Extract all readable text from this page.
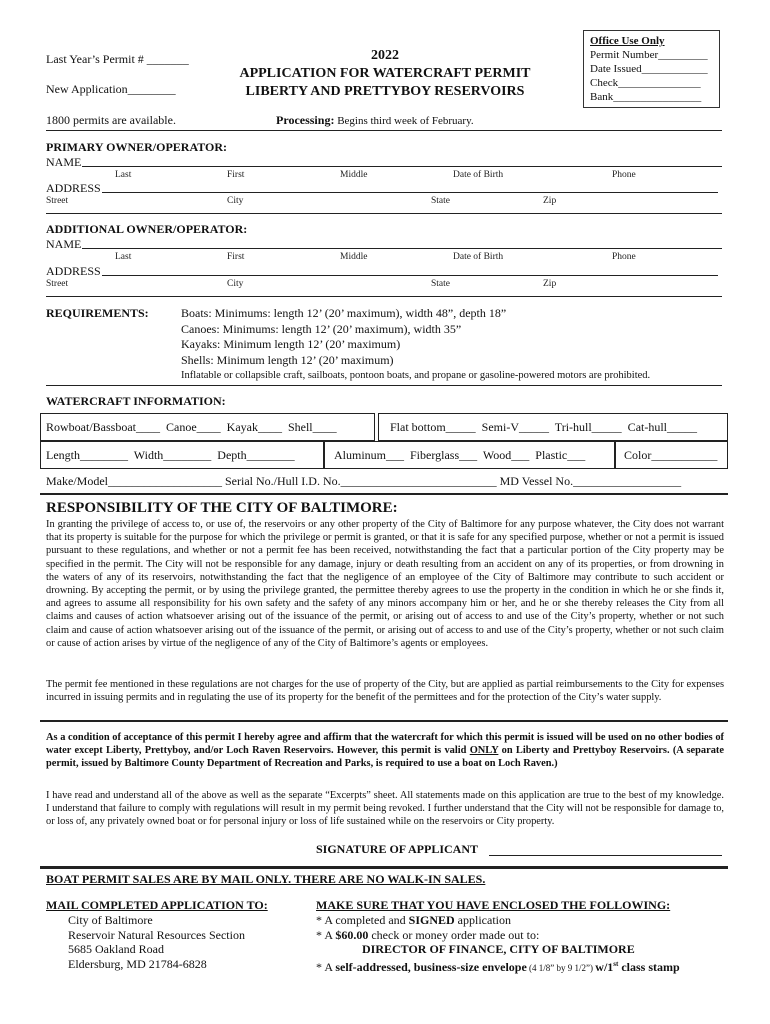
Office Use Only
Permit Number_________
Date Issued____________
Check_______________
Bank________________
Last Year’s Permit # _______
New Application________
1800 permits are available.
2022
APPLICATION FOR WATERCRAFT PERMIT
LIBERTY AND PRETTYBOY RESERVOIRS
Processing: Begins third week of February.
PRIMARY OWNER/OPERATOR:
NAME
Last	First	Middle	Date of Birth	Phone
ADDRESS
Street	City	State	Zip
ADDITIONAL OWNER/OPERATOR:
NAME
Last	First	Middle	Date of Birth	Phone
ADDRESS
Street	City	State	Zip
REQUIREMENTS:	Boats: Minimums: length 12’ (20’ maximum), width 48”, depth 18”
Canoes: Minimums: length 12’ (20’ maximum), width 35”
Kayaks: Minimum length 12’ (20’ maximum)
Shells: Minimum length 12’ (20’ maximum)
Inflatable or collapsible craft, sailboats, pontoon boats, and propane or gasoline-powered motors are prohibited.
WATERCRAFT INFORMATION:
Rowboat/Bassboat____  Canoe____  Kayak____  Shell____	Flat bottom_____  Semi-V_____  Tri-hull_____  Cat-hull_____
Length________  Width________  Depth________	Aluminum___  Fiberglass___  Wood___  Plastic___	Color___________
Make/Model___________________ Serial No./Hull I.D. No.__________________________ MD Vessel No.__________________
RESPONSIBILITY OF THE CITY OF BALTIMORE:
In granting the privilege of access to, or use of, the reservoirs or any other property of the City of Baltimore for any purpose whatever, the City does not warrant that its property is suitable for the purpose for which the privilege or permit is granted, or that it is safe for any specified purpose, whether or not a permit is issued pursuant to these regulations, and whether or not a permit fee has been received, notwithstanding the fact that a particular portion of the City property may be specified in the permit. The City will not be responsible for any damage, injury or death resulting from an accident on any of its properties, or from drowning in the waters of any of its reservoirs, notwithstanding the fact that the negligence of an employee of the City of Baltimore may contribute to such accident or drowning. By accepting the permit, or by using the privilege granted, the permittee thereby agrees to use the property in the condition in which he or she finds it, and agrees to assume all responsibility for his own safety and the safety of any minors accompany him or her, and he or she thereby releases the City from all claims and causes of action whatsoever arising out of the issuance of the permit, or arising out of access to and use of the City’s property, whether or not such claim and cause of action whatsoever arising out of the issuance of the permit, or arising out of access to and use of the City’s property, whether or not such claim or cause of action arises by virtue of the negligence of any of the City of Baltimore’s agents or employees.
The permit fee mentioned in these regulations are not charges for the use of property of the City, but are applied as partial reimbursements to the City for expenses incurred in issuing permits and in regulating the use of its property for the benefit of the permittees and for the protection of the City’s water supply.
As a condition of acceptance of this permit I hereby agree and affirm that the watercraft for which this permit is issued will be used on no other bodies of water except Liberty, Prettyboy, and/or Loch Raven Reservoirs. However, this permit is valid ONLY on Liberty and Prettyboy Reservoirs. (A separate permit, issued by Baltimore County Department of Recreation and Parks, is required to use a boat on Loch Raven.)
I have read and understand all of the above as well as the separate “Excerpts” sheet. All statements made on this application are true to the best of my knowledge. I understand that failure to comply with regulations will result in my permit being revoked. I further understand that the City will not be responsible for damage to, or loss of, any privately owned boat or for personal injury or loss of life sustained while on the reservoirs or City property.
SIGNATURE OF APPLICANT
BOAT PERMIT SALES ARE BY MAIL ONLY. THERE ARE NO WALK-IN SALES.
MAIL COMPLETED APPLICATION TO:
City of Baltimore
Reservoir Natural Resources Section
5685 Oakland Road
Eldersburg, MD 21784-6828
MAKE SURE THAT YOU HAVE ENCLOSED THE FOLLOWING:
* A completed and SIGNED application
* A $60.00 check or money order made out to:
DIRECTOR OF FINANCE, CITY OF BALTIMORE
* A self-addressed, business-size envelope (4 1/8” by 9 1/2”) w/1st class stamp
